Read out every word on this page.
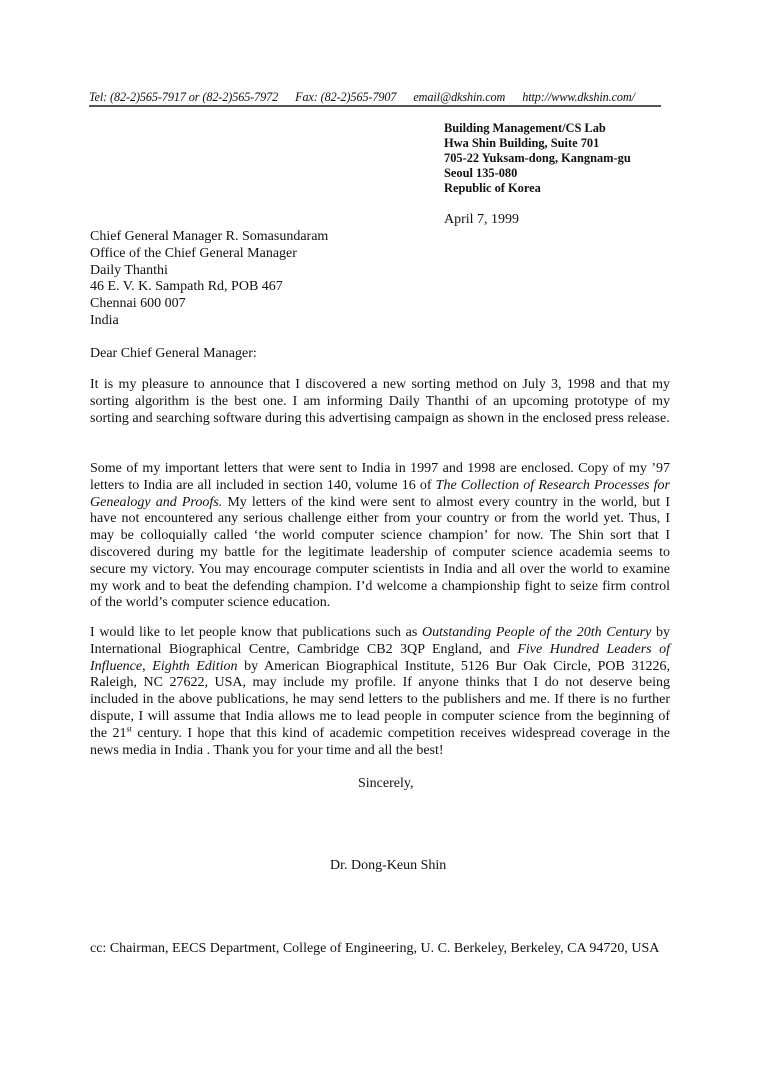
Tel: (82-2)565-7917 or (82-2)565-7972 Fax: (82-2)565-7907 email@dkshin.com http://www.dkshin.com/
Building Management/CS Lab
Hwa Shin Building, Suite 701
705-22 Yuksam-dong, Kangnam-gu
Seoul 135-080
Republic of Korea
April 7, 1999
Chief General Manager R. Somasundaram
Office of the Chief General Manager
Daily Thanthi
46 E. V. K. Sampath Rd, POB 467
Chennai 600 007
India
Dear Chief General Manager:
It is my pleasure to announce that I discovered a new sorting method on July 3, 1998 and that my sorting algorithm is the best one. I am informing Daily Thanthi of an upcoming prototype of my sorting and searching software during this advertising campaign as shown in the enclosed press release.
Some of my important letters that were sent to India in 1997 and 1998 are enclosed. Copy of my ’97 letters to India are all included in section 140, volume 16 of The Collection of Research Processes for Genealogy and Proofs. My letters of the kind were sent to almost every country in the world, but I have not encountered any serious challenge either from your country or from the world yet. Thus, I may be colloquially called ‘the world computer science champion’ for now. The Shin sort that I discovered during my battle for the legitimate leadership of computer science academia seems to secure my victory. You may encourage computer scientists in India and all over the world to examine my work and to beat the defending champion. I’d welcome a championship fight to seize firm control of the world’s computer science education.
I would like to let people know that publications such as Outstanding People of the 20th Century by International Biographical Centre, Cambridge CB2 3QP England, and Five Hundred Leaders of Influence, Eighth Edition by American Biographical Institute, 5126 Bur Oak Circle, POB 31226, Raleigh, NC 27622, USA, may include my profile. If anyone thinks that I do not deserve being included in the above publications, he may send letters to the publishers and me. If there is no further dispute, I will assume that India allows me to lead people in computer science from the beginning of the 21st century. I hope that this kind of academic competition receives widespread coverage in the news media in India . Thank you for your time and all the best!
Sincerely,
Dr. Dong-Keun Shin
cc: Chairman, EECS Department, College of Engineering, U. C. Berkeley, Berkeley, CA 94720, USA
